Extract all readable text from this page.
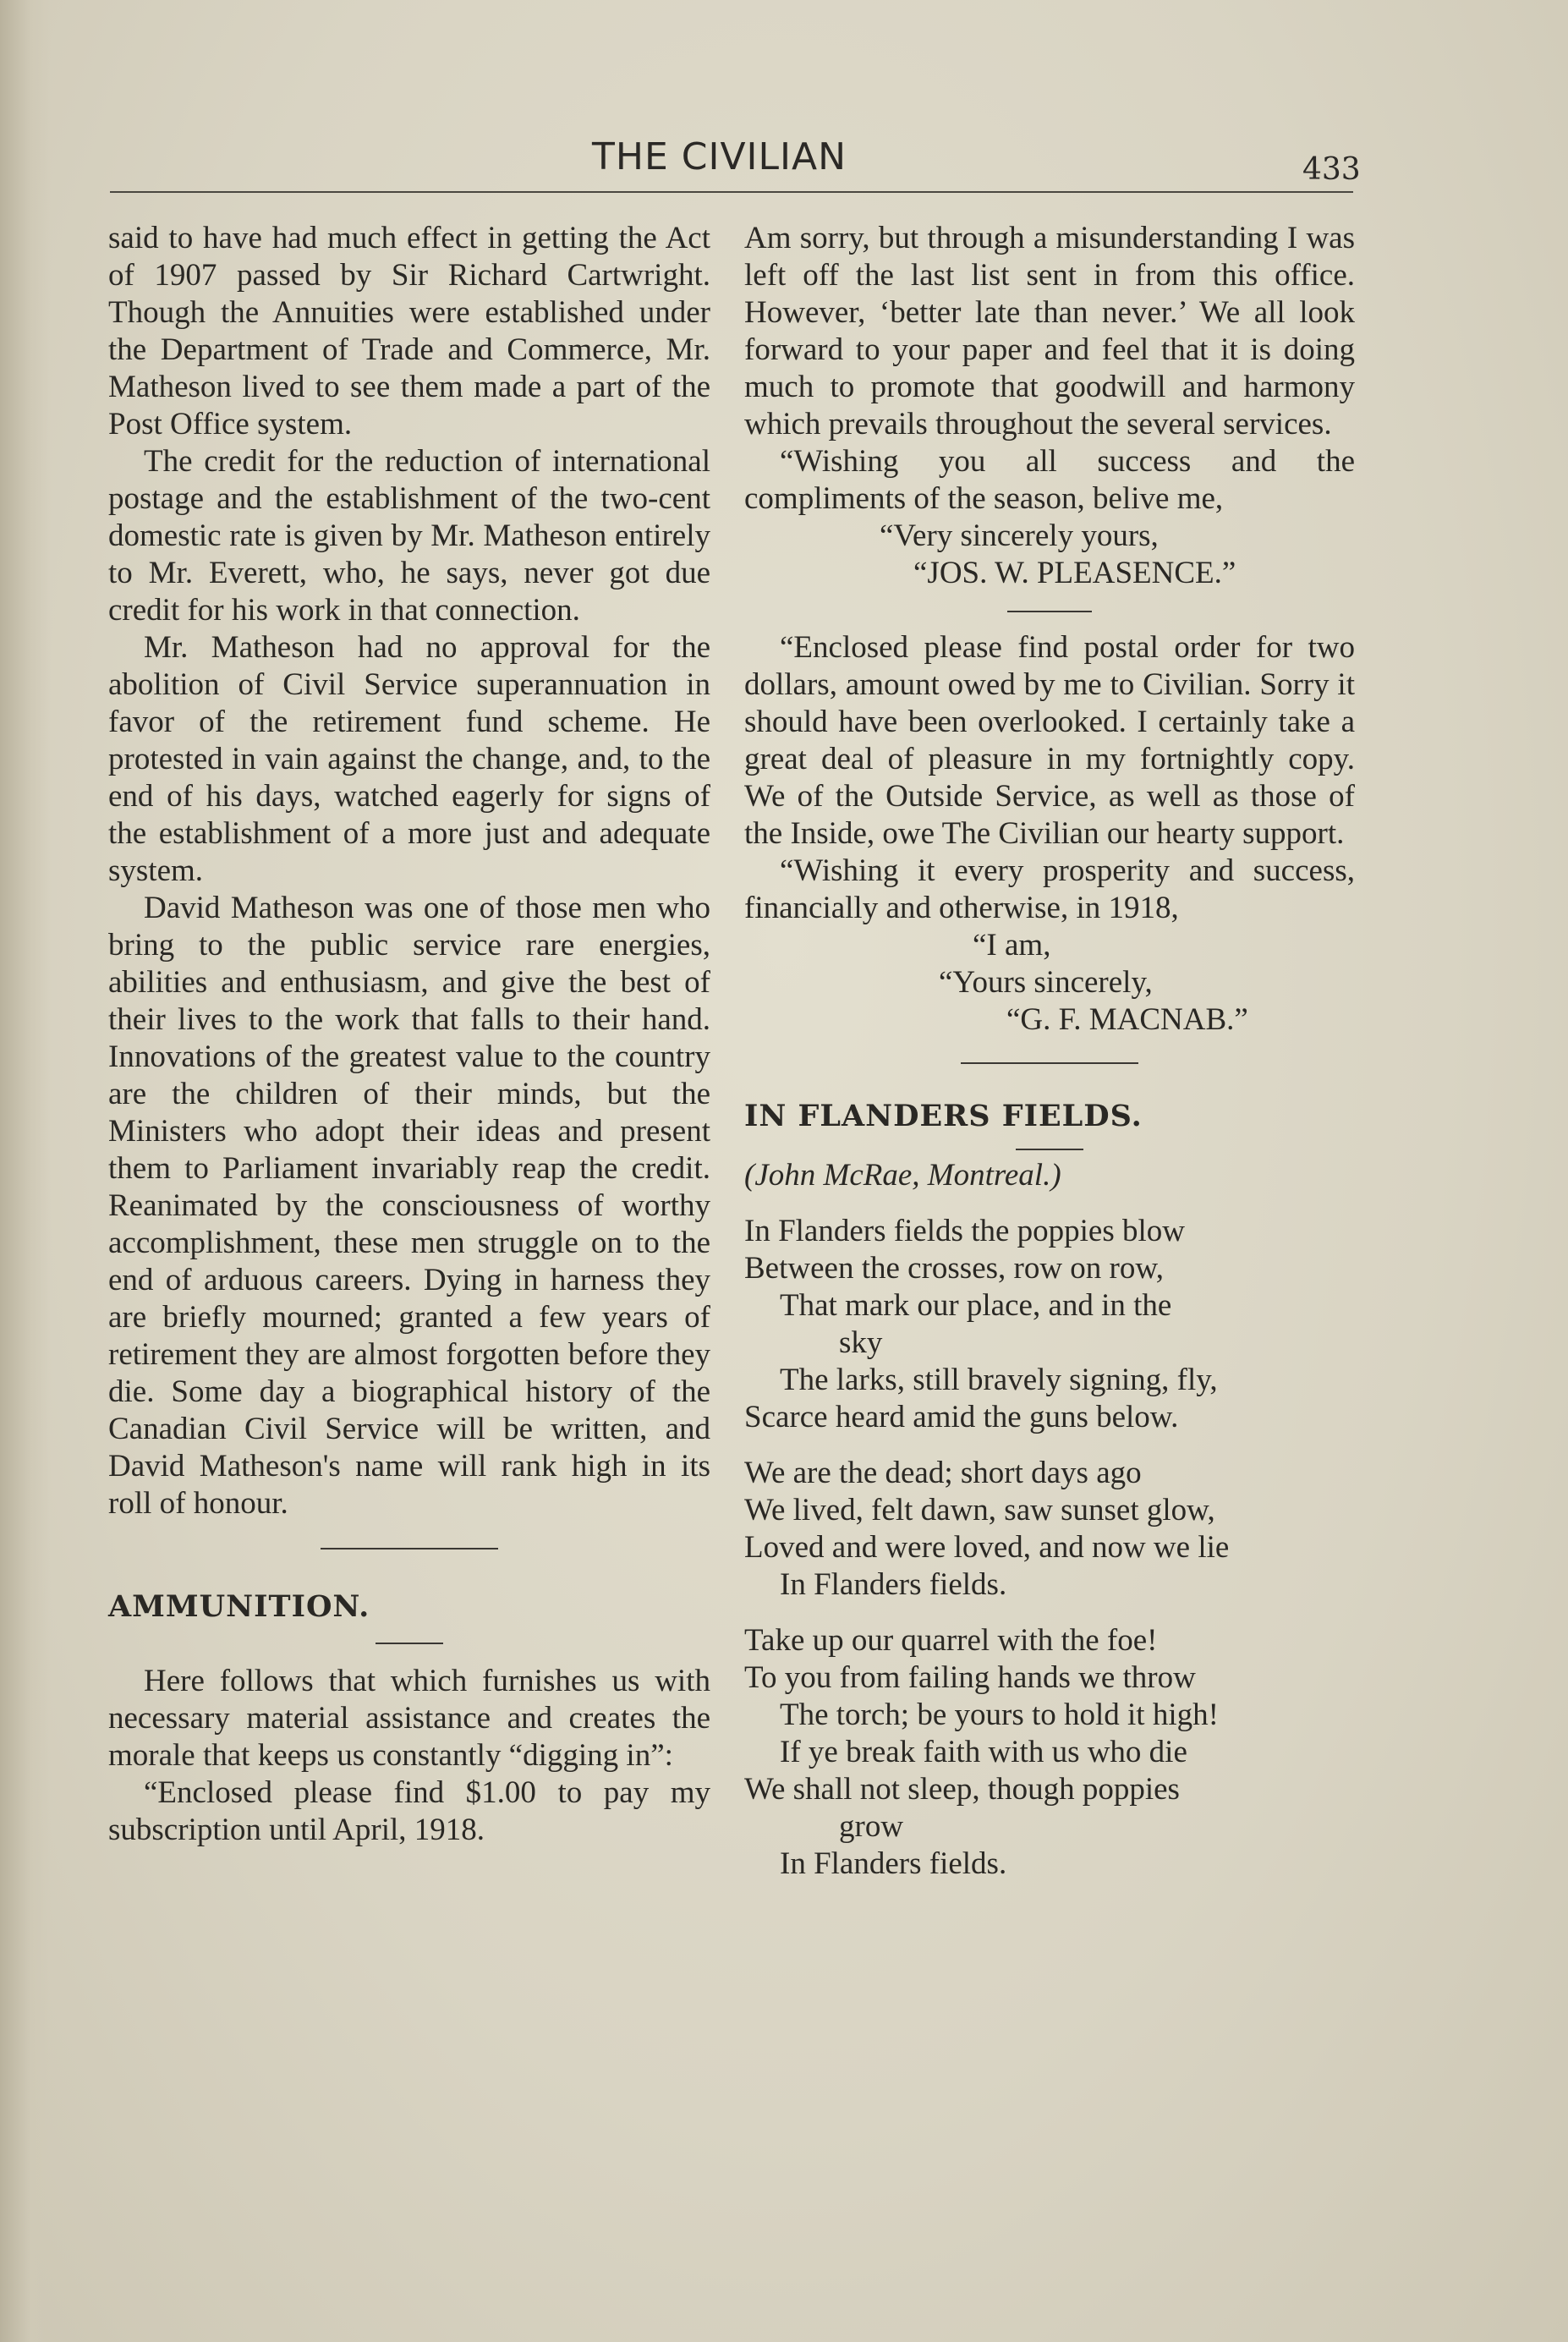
THE CIVILIAN	433

said to have had much effect in getting the Act of 1907 passed by Sir Richard Cartwright. Though the Annuities were established under the Department of Trade and Commerce, Mr. Matheson lived to see them made a part of the Post Office system.

The credit for the reduction of international postage and the establishment of the two-cent domestic rate is given by Mr. Matheson entirely to Mr. Everett, who, he says, never got due credit for his work in that connection.

Mr. Matheson had no approval for the abolition of Civil Service superannuation in favor of the retirement fund scheme. He protested in vain against the change, and, to the end of his days, watched eagerly for signs of the establishment of a more just and adequate system.

David Matheson was one of those men who bring to the public service rare energies, abilities and enthusiasm, and give the best of their lives to the work that falls to their hand. Innovations of the greatest value to the country are the children of their minds, but the Ministers who adopt their ideas and present them to Parliament invariably reap the credit. Reanimated by the consciousness of worthy accomplishment, these men struggle on to the end of arduous careers. Dying in harness they are briefly mourned; granted a few years of retirement they are almost forgotten before they die. Some day a biographical history of the Canadian Civil Service will be written, and David Matheson's name will rank high in its roll of honour.

AMMUNITION.

Here follows that which furnishes us with necessary material assistance and creates the morale that keeps us constantly “digging in”:

“Enclosed please find $1.00 to pay my subscription until April, 1918.

Am sorry, but through a misunderstanding I was left off the last list sent in from this office. However, ‘better late than never.’ We all look forward to your paper and feel that it is doing much to promote that goodwill and harmony which prevails throughout the several services.

“Wishing you all success and the compliments of the season, belive me,

“Very sincerely yours,

“JOS. W. PLEASENCE.”

“Enclosed please find postal order for two dollars, amount owed by me to Civilian. Sorry it should have been overlooked. I certainly take a great deal of pleasure in my fortnightly copy. We of the Outside Service, as well as those of the Inside, owe The Civilian our hearty support.

“Wishing it every prosperity and success, financially and otherwise, in 1918,

“I am,

“Yours sincerely,

“G. F. MACNAB.”

IN FLANDERS FIELDS.

(John McRae, Montreal.)

In Flanders fields the poppies blow

Between the crosses, row on row,

That mark our place, and in the

sky

The larks, still bravely signing, fly,

Scarce heard amid the guns below.

We are the dead; short days ago

We lived, felt dawn, saw sunset glow,

Loved and were loved, and now we lie

In Flanders fields.

Take up our quarrel with the foe!

To you from failing hands we throw

The torch; be yours to hold it high!

If ye break faith with us who die

We shall not sleep, though poppies

grow

In Flanders fields.
